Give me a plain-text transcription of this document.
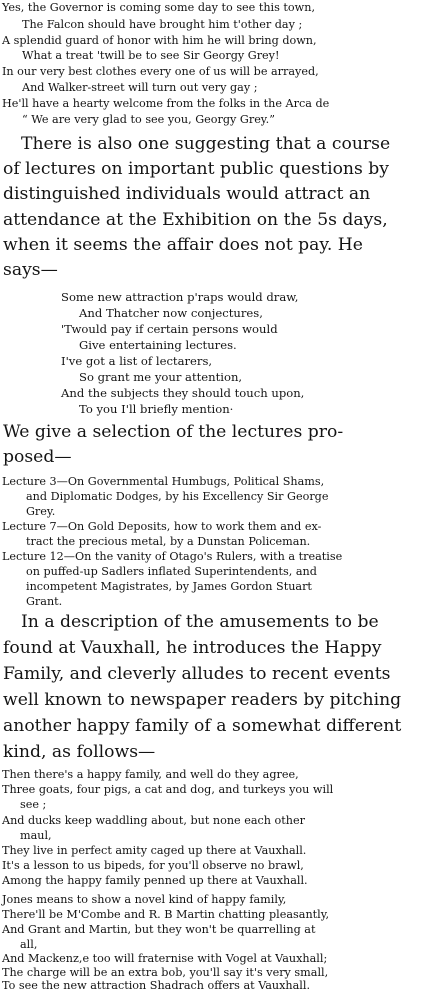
Yes, the Governor is coming some day to see this town,
The Falcon should have brought him t'other day ;
A splendid guard of honor with him he will bring down,
What a treat 'twill be to see Sir Georgy Grey!
In our very best clothes every one of us will be arrayed,
And Walker-street will turn out very gay ;
He'll have a hearty welcome from the folks in the Arca de
“ We are very glad to see you, Georgy Grey.”
There is also one suggesting that a course
of lectures on important public questions by
distinguished individuals would attract an
attendance at the Exhibition on the 5s days,
when it seems the affair does not pay. He
says—
Some new attraction p'raps would draw,
And Thatcher now conjectures,
'Twould pay if certain persons would
Give entertaining lectures.
I've got a list of lectarers,
So grant me your attention,
And the subjects they should touch upon,
To you I'll briefly mention·
We give a selection of the lectures pro-
posed—
Lecture 3—On Governmental Humbugs, Political Shams,
and Diplomatic Dodges, by his Excellency Sir George
Grey.
Lecture 7—On Gold Deposits, how to work them and ex-
tract the precious metal, by a Dunstan Policeman.
Lecture 12—On the vanity of Otago's Rulers, with a treatise
on puffed-up Sadlers inflated Superintendents, and
incompetent Magistrates, by James Gordon Stuart
Grant.
In a description of the amusements to be
found at Vauxhall, he introduces the Happy
Family, and cleverly alludes to recent events
well known to newspaper readers by pitching
another happy family of a somewhat different
kind, as follows—
Then there's a happy family, and well do they agree,
Three goats, four pigs, a cat and dog, and turkeys you will
see ;
And ducks keep waddling about, but none each other
maul,
They live in perfect amity caged up there at Vauxhall.
It's a lesson to us bipeds, for you'll observe no brawl,
Among the happy family penned up there at Vauxhall.
Jones means to show a novel kind of happy family,
There'll be M'Combe and R. B Martin chatting pleasantly,
And Grant and Martin, but they won't be quarrelling at
all,
And Mackenz,e too will fraternise with Vogel at Vauxhall;
The charge will be an extra bob, you'll say it's very small,
To see the new attraction Shadrach offers at Vauxhall.
